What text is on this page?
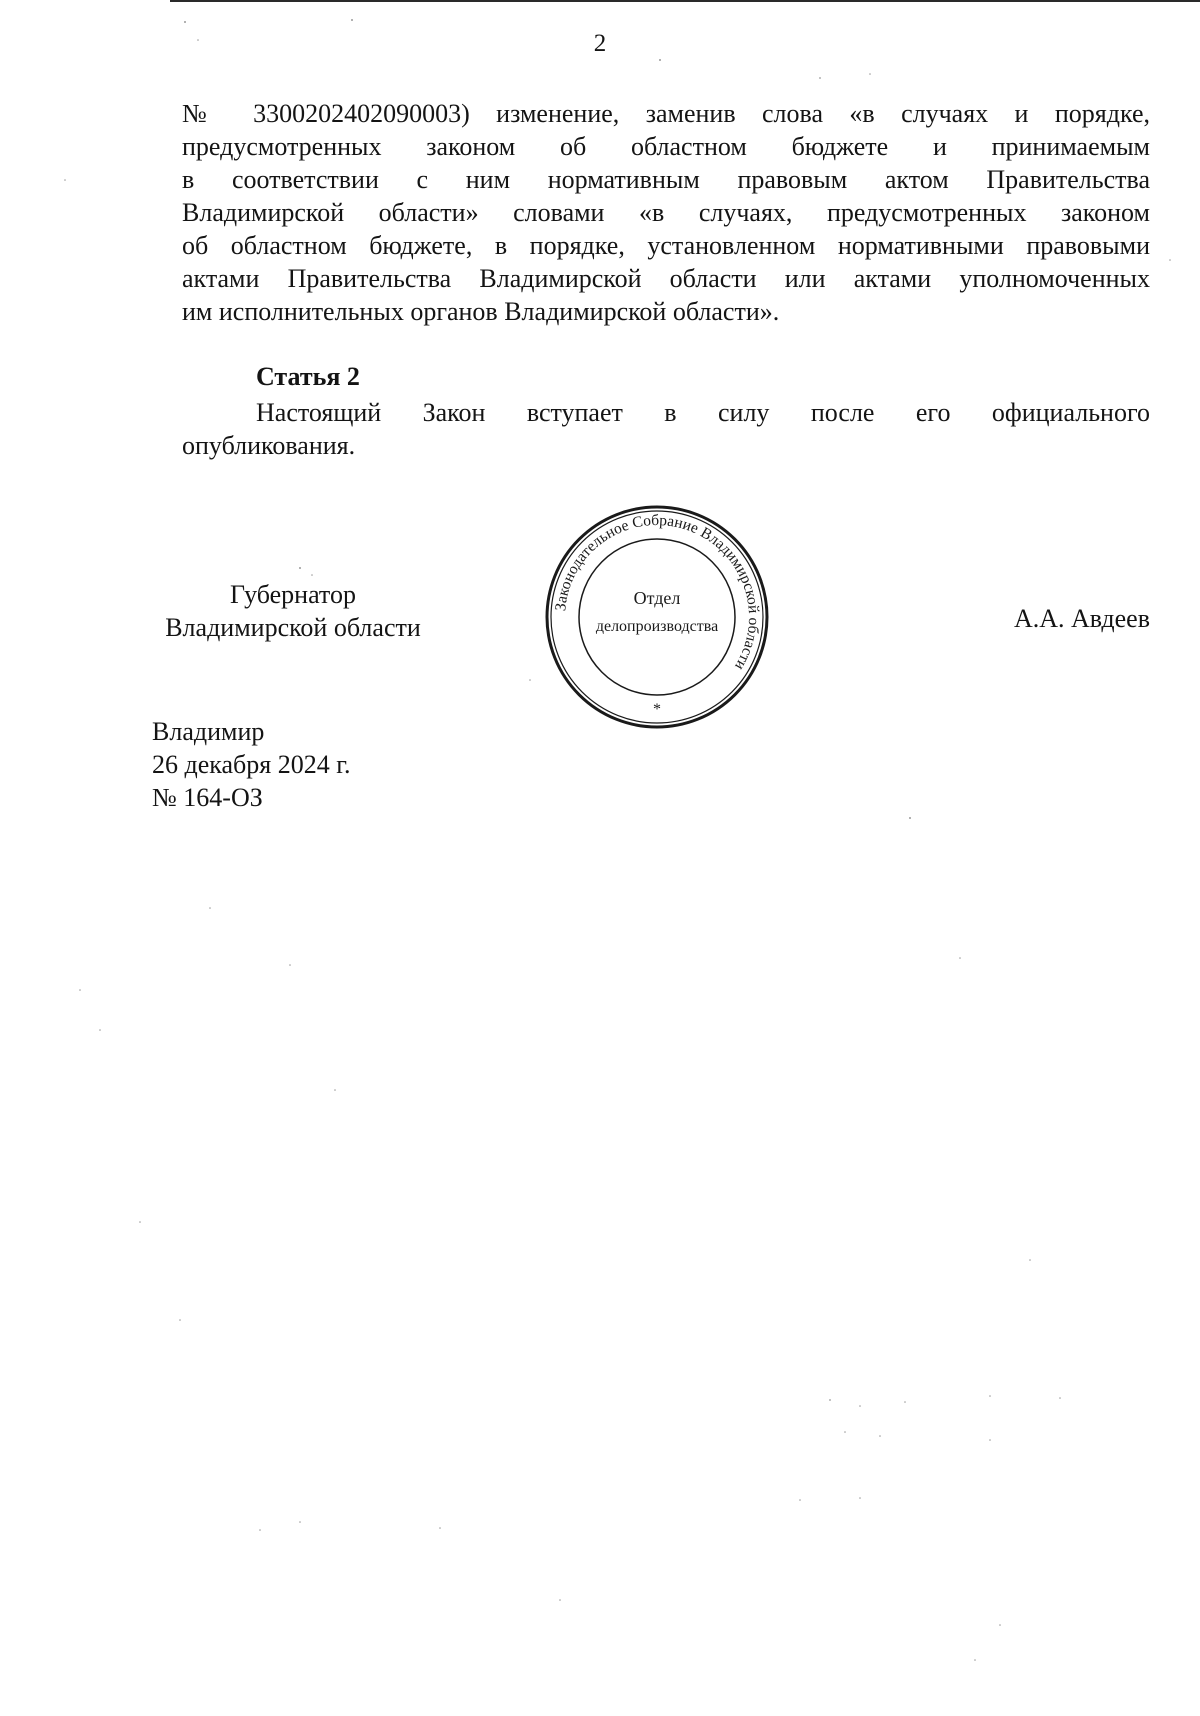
2
№ 3300202402090003) изменение, заменив слова «в случаях и порядке,
предусмотренных законом об областном бюджете и принимаемым
в соответствии с ним нормативным правовым актом Правительства
Владимирской области» словами «в случаях, предусмотренных законом
об областном бюджете, в порядке, установленном нормативными правовыми
актами Правительства Владимирской области или актами уполномоченных
им исполнительных органов Владимирской области».
Статья 2
Настоящий Закон вступает в силу после его официального
опубликования.
Губернатор
Владимирской области
Законодательное Собрание Владимирской области
Отдел
делопроизводства
*
А.А. Авдеев
Владимир
26 декабря 2024 г.
№ 164-ОЗ
